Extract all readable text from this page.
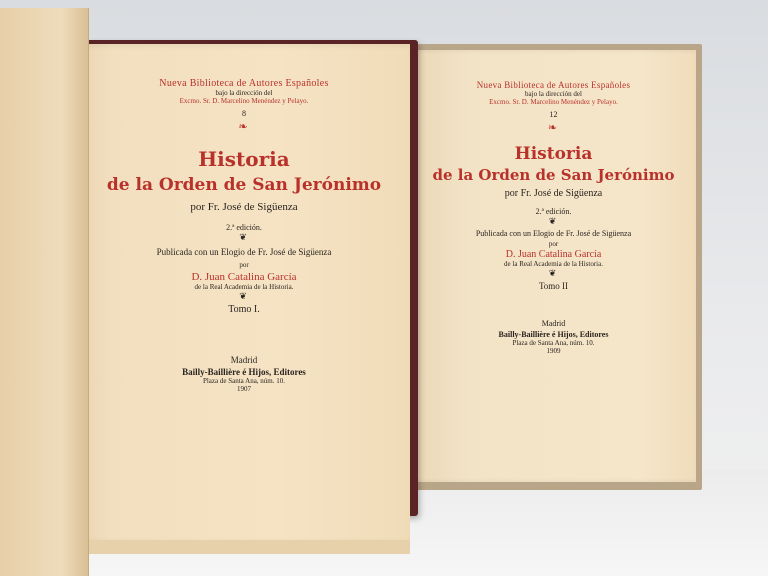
Nueva Biblioteca de Autores Españoles
bajo la dirección del
Excmo. Sr. D. Marcelino Menéndez y Pelayo.
12
❧
Historia
de la Orden de San Jerónimo
por Fr. José de Sigüenza
2.ª edición.
❦
Publicada con un Elogio de Fr. José de Sigüenza
por
D. Juan Catalina García
de la Real Academia de la Historia.
❦
Tomo II
Madrid
Bailly-Baillière é Hijos, Editores
Plaza de Santa Ana, núm. 10.
1909
Nueva Biblioteca de Autores Españoles
bajo la dirección del
Excmo. Sr. D. Marcelino Menéndez y Pelayo.
8
❧
Historia
de la Orden de San Jerónimo
por Fr. José de Sigüenza
2.ª edición.
❦
Publicada con un Elogio de Fr. José de Sigüenza
por
D. Juan Catalina García
de la Real Academia de la Historia.
❦
Tomo I.
Madrid
Bailly-Baillière é Hijos, Editores
Plaza de Santa Ana, núm. 10.
1907
